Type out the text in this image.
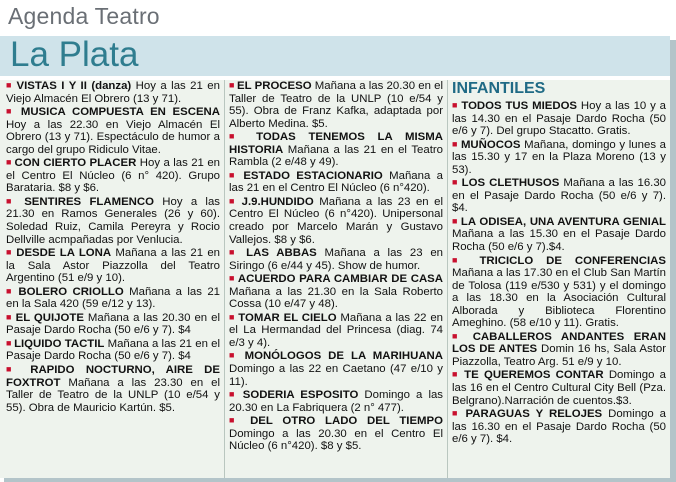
Agenda Teatro
La Plata
■ VISTAS I Y II (danza) Hoy a las 21 en Viejo Almacén El Obrero (13 y 71).
■ MUSICA COMPUESTA EN ESCENA Hoy a las 22.30 en Viejo Almacén El Obrero (13 y 71). Espectáculo de humor a cargo del grupo Ridiculo Vitae.
■ CON CIERTO PLACER Hoy a las 21 en el Centro El Núcleo (6 n° 420). Grupo Barataria. $8 y $6.
■ SENTIRES FLAMENCO Hoy a las 21.30 en Ramos Generales (26 y 60). Soledad Ruiz, Camila Pereyra y Rocio Dellville acmpañadas por Venlucia.
■ DESDE LA LONA Mañana a las 21 en la Sala Astor Piazzolla del Teatro Argentino (51 e/9 y 10).
■ BOLERO CRIOLLO Mañana a las 21 en la Sala 420 (59 e/12 y 13).
■ EL QUIJOTE Mañana a las 20.30 en el Pasaje Dardo Rocha (50 e/6 y 7). $4
■ LIQUIDO TACTIL Mañana a las 21 en el Pasaje Dardo Rocha (50 e/6 y 7). $4
■ RAPIDO NOCTURNO, AIRE DE FOXTROT Mañana a las 23.30 en el Taller de Teatro de la UNLP (10 e/54 y 55). Obra de Mauricio Kartún. $5.
■ EL PROCESO Mañana a las 20.30 en el Taller de Teatro de la UNLP (10 e/54 y 55). Obra de Franz Kafka, adaptada por Alberto Medina. $5.
■ TODAS TENEMOS LA MISMA HISTORIA Mañana a las 21 en el Teatro Rambla (2 e/48 y 49).
■ ESTADO ESTACIONARIO Mañana a las 21 en el Centro El Núcleo (6 n°420).
■ J.9.HUNDIDO Mañana a las 23 en el Centro El Núcleo (6 n°420). Unipersonal creado por Marcelo Marán y Gustavo Vallejos. $8 y $6.
■ LAS ABBAS Mañana a las 23 en Siringo (6 e/44 y 45). Show de humor.
■ ACUERDO PARA CAMBIAR DE CASA Mañana a las 21.30 en la Sala Roberto Cossa (10 e/47 y 48).
■ TOMAR EL CIELO Mañana a las 22 en el La Hermandad del Princesa (diag. 74 e/3 y 4).
■ MONÓLOGOS DE LA MARIHUANA Domingo a las 22 en Caetano (47 e/10 y 11).
■ SODERIA ESPOSITO Domingo a las 20.30 en La Fabriquera (2 n° 477).
■ DEL OTRO LADO DEL TIEMPO Domingo a las 20.30 en el Centro El Núcleo (6 n°420). $8 y $5.
INFANTILES
■ TODOS TUS MIEDOS Hoy a las 10 y a las 14.30 en el Pasaje Dardo Rocha (50 e/6 y 7). Del grupo Stacatto. Gratis.
■ MUÑOCOS Mañana, domingo y lunes a las 15.30 y 17 en la Plaza Moreno (13 y 53).
■ LOS CLETHUSOS Mañana a las 16.30 en el Pasaje Dardo Rocha (50 e/6 y 7). $4.
■ LA ODISEA, UNA AVENTURA GENIAL Mañana a las 15.30 en el Pasaje Dardo Rocha (50 e/6 y 7).$4.
■ TRICICLO DE CONFERENCIAS Mañana a las 17.30 en el Club San Martín de Tolosa (119 e/530 y 531) y el domingo a las 18.30 en la Asociación Cultural Alborada y Biblioteca Florentino Ameghino. (58 e/10 y 11). Gratis.
■ CABALLEROS ANDANTES ERAN LOS DE ANTES Domin 16 hs, Sala Astor Piazzolla, Teatro Arg. 51 e/9 y 10.
■ TE QUEREMOS CONTAR Domingo a las 16 en el Centro Cultural City Bell (Pza. Belgrano).Narración de cuentos.$3.
■ PARAGUAS Y RELOJES Domingo a las 16.30 en el Pasaje Dardo Rocha (50 e/6 y 7). $4.
